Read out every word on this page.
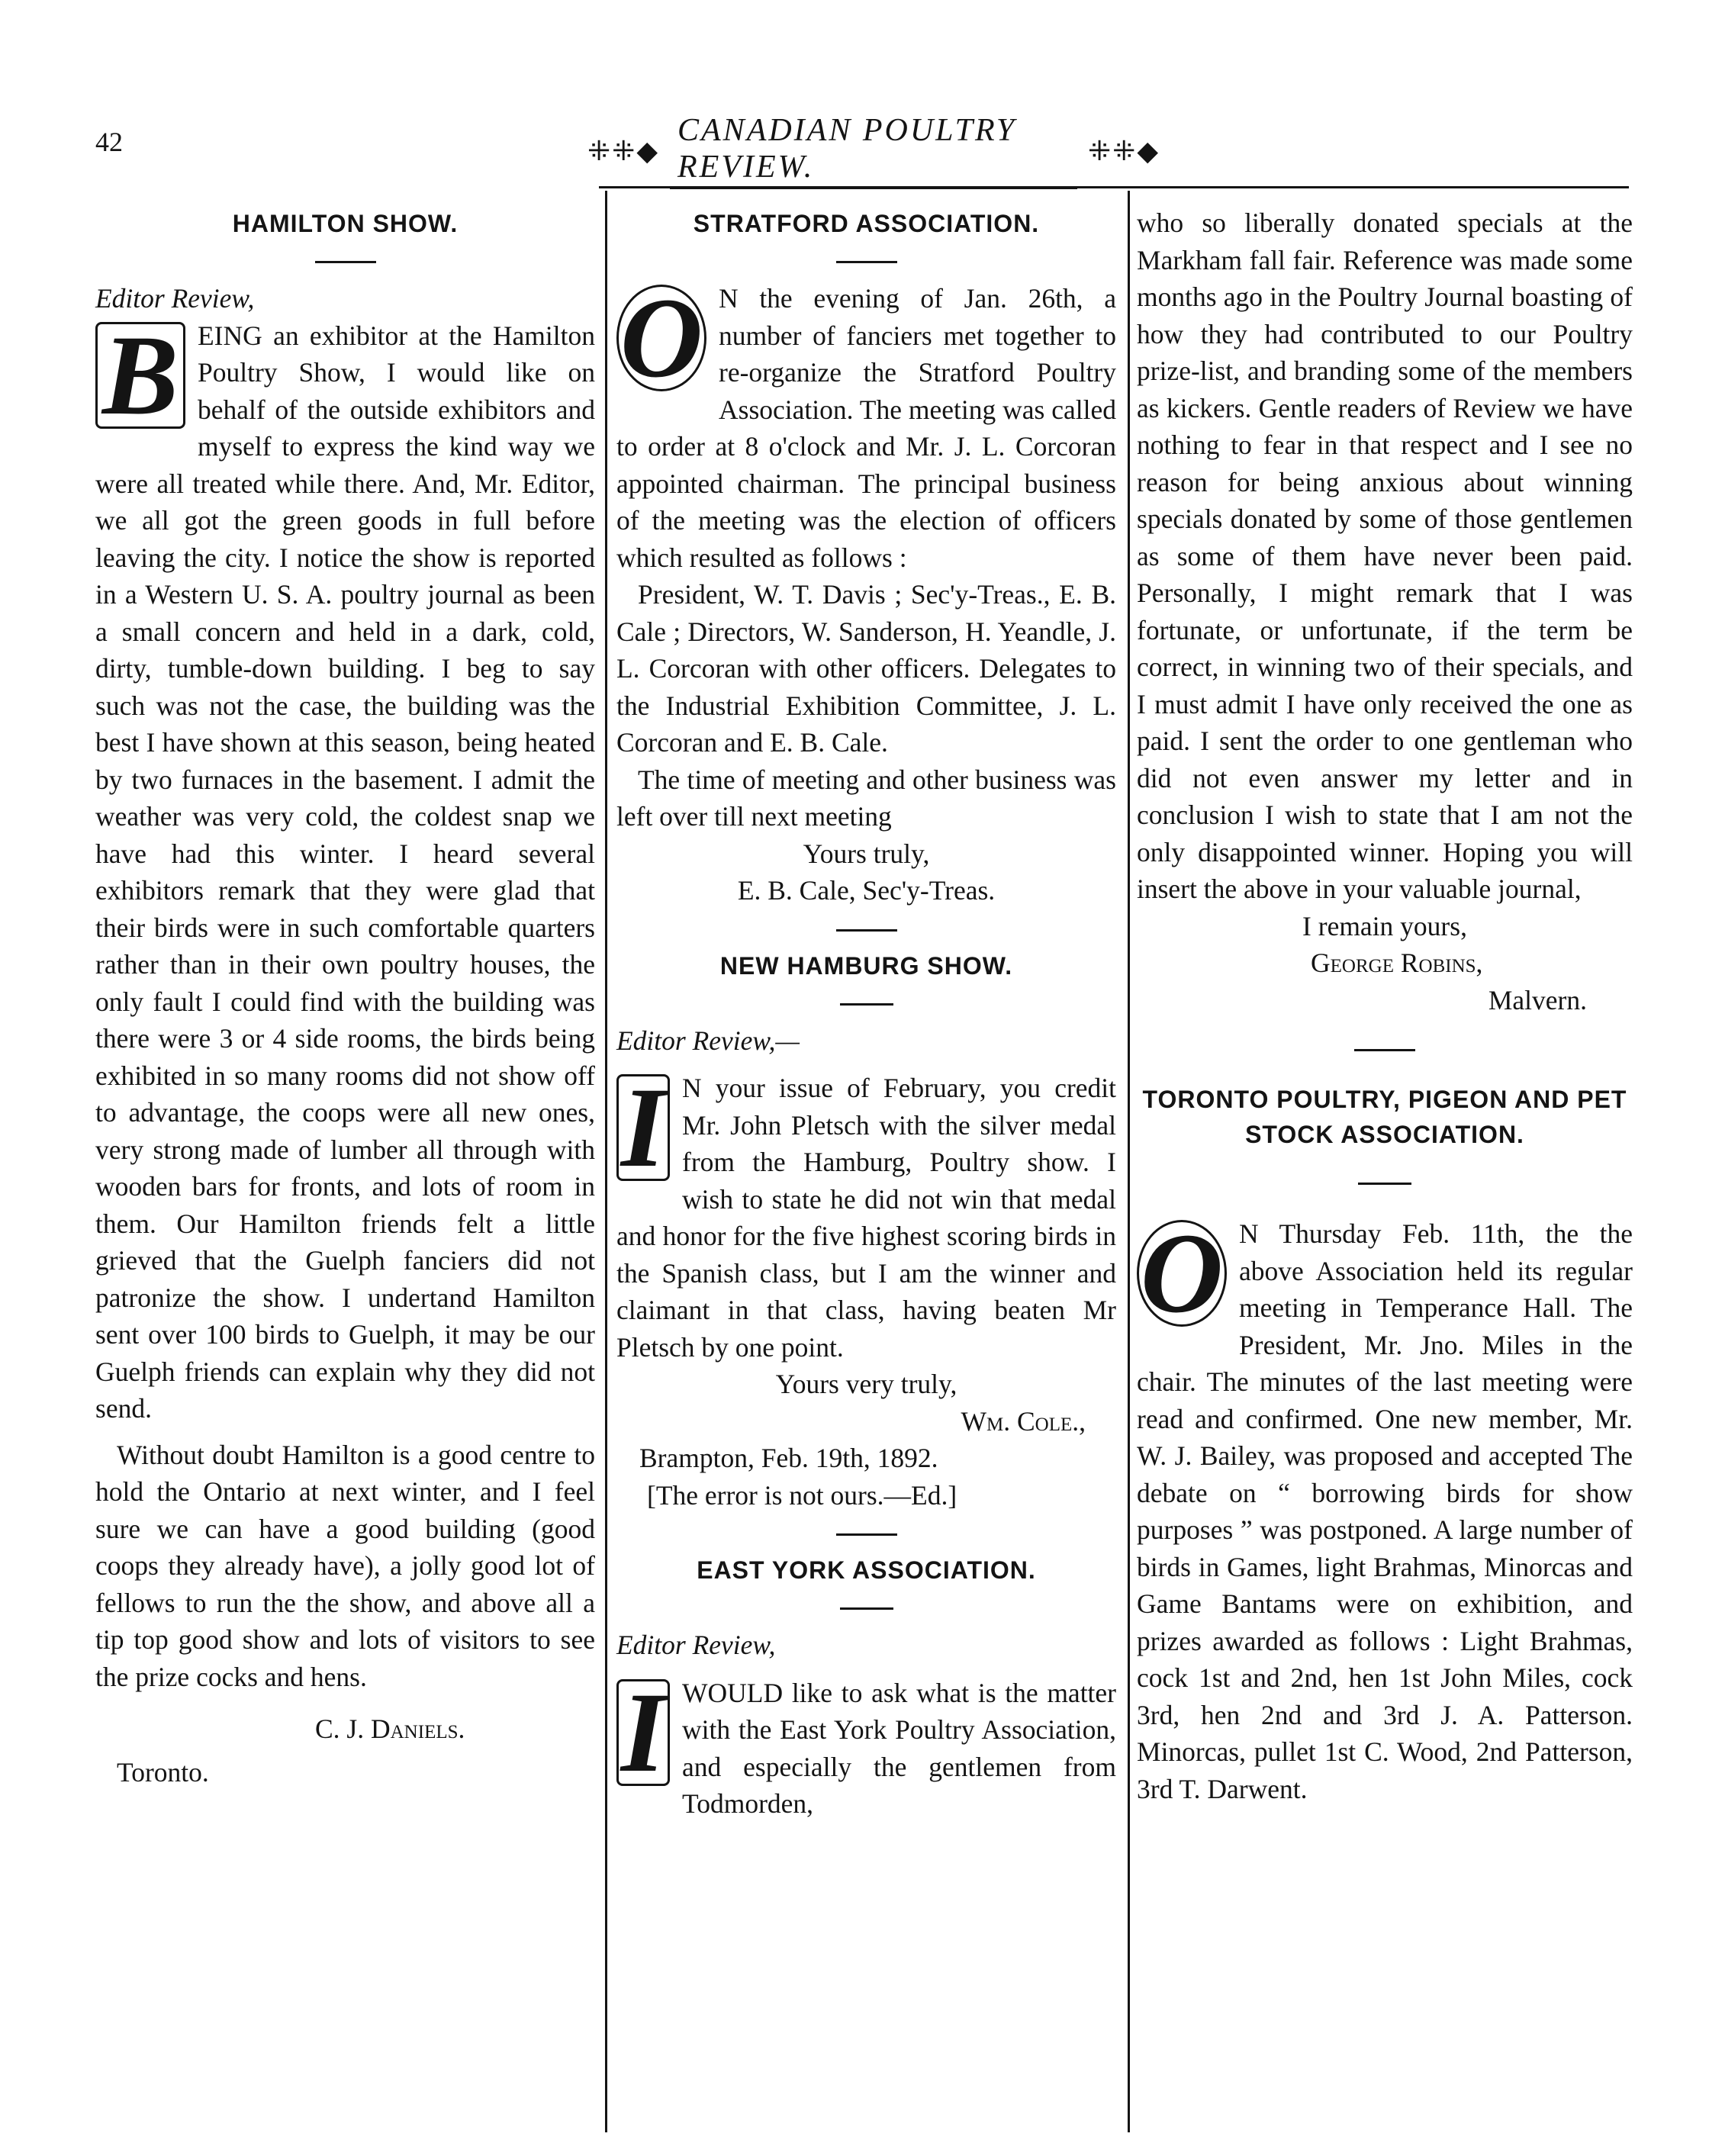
42	⁜⁜◆
CANADIAN POULTRY REVIEW.	⁜⁜◆
HAMILTON SHOW.

Editor Review,

B EING an exhibitor at the Hamilton Poultry Show, I would like on behalf of the outside exhibitors and myself to express the kind way we were all treated while there. And, Mr. Editor, we all got the green goods in full before leaving the city. I notice the show is reported in a Western U. S. A. poultry journal as been a small concern and held in a dark, cold, dirty, tumble-down building. I beg to say such was not the case, the building was the best I have shown at this season, being heated by two furnaces in the basement. I admit the weather was very cold, the coldest snap we have had this winter. I heard several exhibitors remark that they were glad that their birds were in such comfortable quarters rather than in their own poultry houses, the only fault I could find with the building was there were 3 or 4 side rooms, the birds being exhibited in so many rooms did not show off to advantage, the coops were all new ones, very strong made of lumber all through with wooden bars for fronts, and lots of room in them. Our Hamilton friends felt a little grieved that the Guelph fanciers did not patronize the show. I undertand Hamilton sent over 100 birds to Guelph, it may be our Guelph friends can explain why they did not send.

Without doubt Hamilton is a good centre to hold the Ontario at next winter, and I feel sure we can have a good building (good coops they already have), a jolly good lot of fellows to run the the show, and above all a tip top good show and lots of visitors to see the prize cocks and hens.

C. J. Daniels.

Toronto.

STRATFORD ASSOCIATION.

O N the evening of Jan. 26th, a number of fanciers met together to re-organize the Stratford Poultry Association. The meeting was called to order at 8 o'clock and Mr. J. L. Corcoran appointed chairman. The principal business of the meeting was the election of officers which resulted as follows :

President, W. T. Davis ; Sec'y-Treas., E. B. Cale ; Directors, W. Sanderson, H. Yeandle, J. L. Corcoran with other officers. Delegates to the Industrial Exhibition Committee, J. L. Corcoran and E. B. Cale.

The time of meeting and other business was left over till next meeting

Yours truly,

E. B. Cale, Sec'y-Treas.

NEW HAMBURG SHOW.

Editor Review,—

I N your issue of February, you credit Mr. John Pletsch with the silver medal from the Hamburg, Poultry show. I wish to state he did not win that medal and honor for the five highest scoring birds in the Spanish class, but I am the winner and claimant in that class, having beaten Mr Pletsch by one point.

Yours very truly,

Wm. Cole.,

Brampton, Feb. 19th, 1892.

[The error is not ours.—Ed.]

EAST YORK ASSOCIATION.

Editor Review,

I WOULD like to ask what is the matter with the East York Poultry Association, and especially the gentlemen from Todmorden,

who so liberally donated specials at the Markham fall fair. Reference was made some months ago in the Poultry Journal boasting of how they had contributed to our Poultry prize-list, and branding some of the members as kickers. Gentle readers of Review we have nothing to fear in that respect and I see no reason for being anxious about winning specials donated by some of those gentlemen as some of them have never been paid. Personally, I might remark that I was fortunate, or unfortunate, if the term be correct, in winning two of their specials, and I must admit I have only received the one as paid. I sent the order to one gentleman who did not even answer my letter and in conclusion I wish to state that I am not the only disappointed winner. Hoping you will insert the above in your valuable journal,

I remain yours,

George Robins,

Malvern.

TORONTO POULTRY, PIGEON AND PET STOCK ASSOCIATION.

O N Thursday Feb. 11th, the the above Association held its regular meeting in Temperance Hall. The President, Mr. Jno. Miles in the chair. The minutes of the last meeting were read and confirmed. One new member, Mr. W. J. Bailey, was proposed and accepted The debate on “ borrowing birds for show purposes ” was postponed. A large number of birds in Games, light Brahmas, Minorcas and Game Bantams were on exhibition, and prizes awarded as follows : Light Brahmas, cock 1st and 2nd, hen 1st John Miles, cock 3rd, hen 2nd and 3rd J. A. Patterson. Minorcas, pullet 1st C. Wood, 2nd Patterson, 3rd T. Darwent.
